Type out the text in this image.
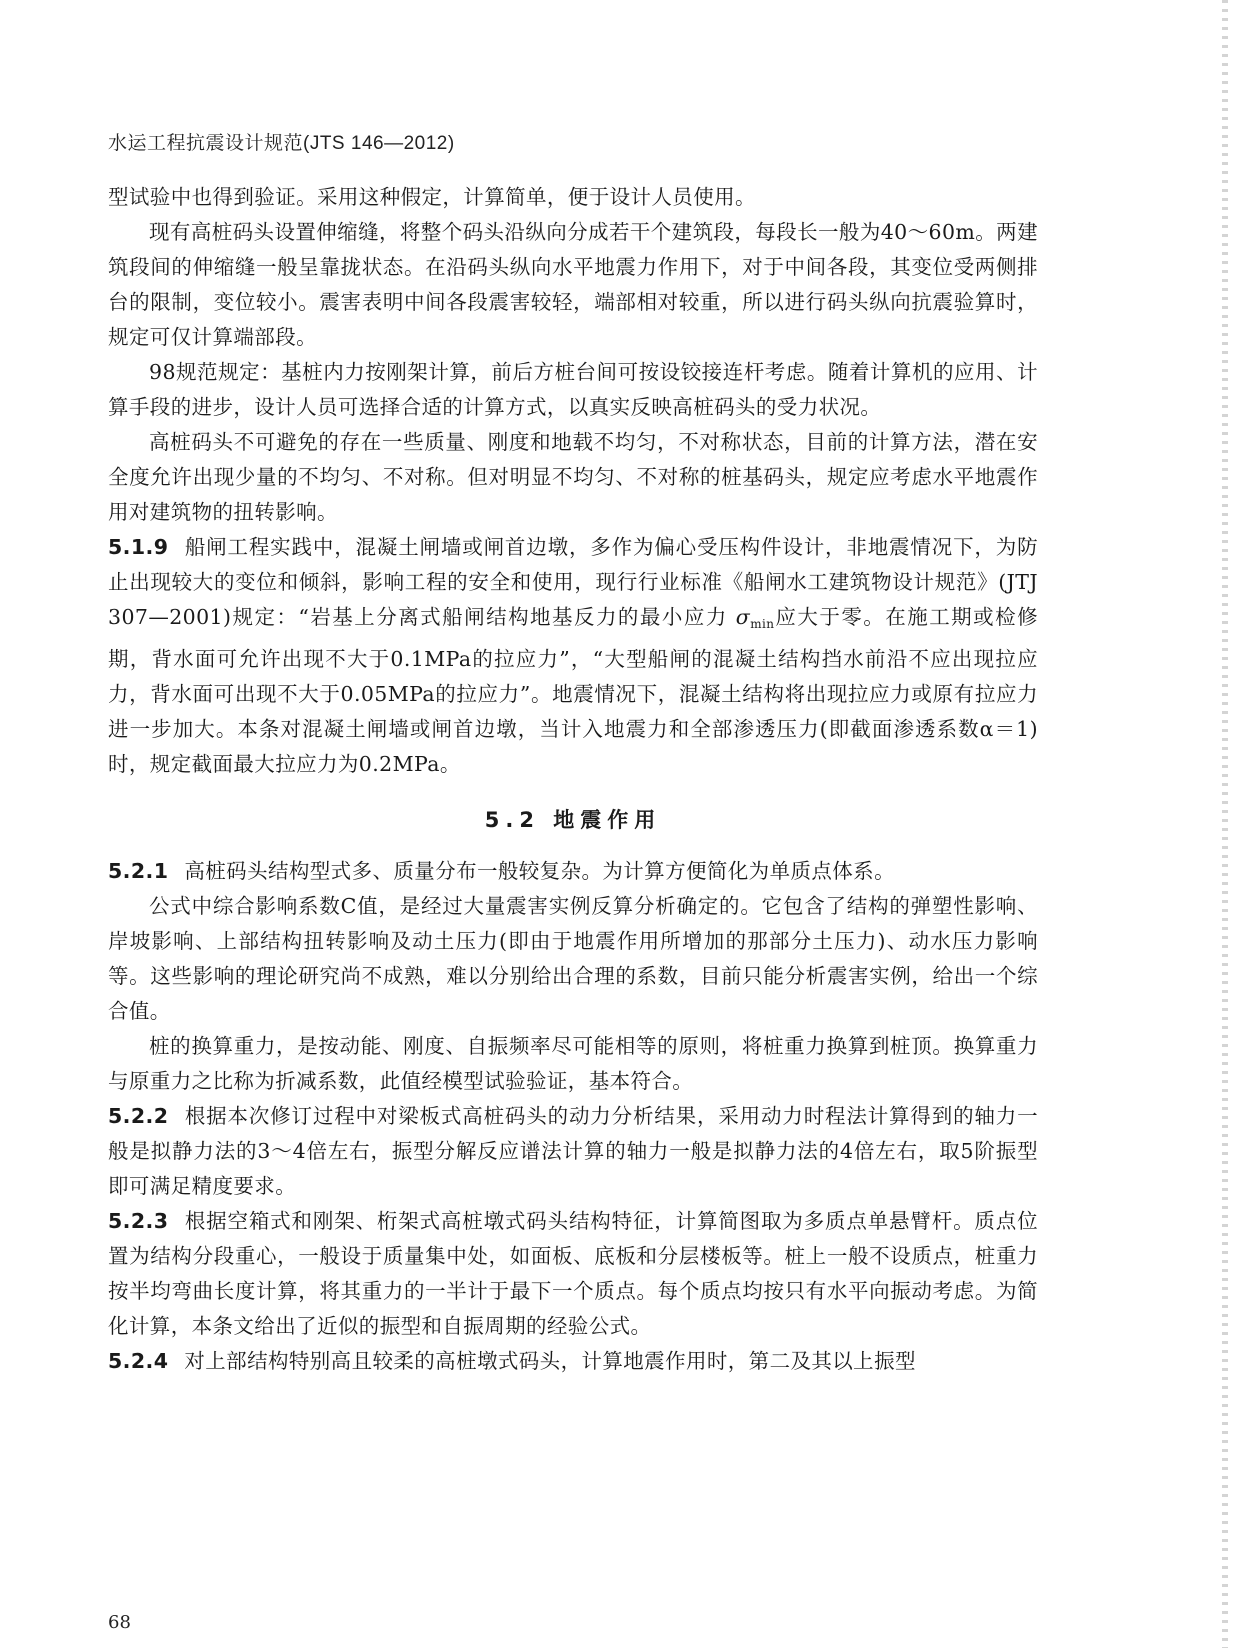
水运工程抗震设计规范(JTS 146—2012)

型试验中也得到验证。采用这种假定，计算简单，便于设计人员使用。

现有高桩码头设置伸缩缝，将整个码头沿纵向分成若干个建筑段，每段长一般为40～60m。两建筑段间的伸缩缝一般呈靠拢状态。在沿码头纵向水平地震力作用下，对于中间各段，其变位受两侧排台的限制，变位较小。震害表明中间各段震害较轻，端部相对较重，所以进行码头纵向抗震验算时，规定可仅计算端部段。

98规范规定：基桩内力按刚架计算，前后方桩台间可按设铰接连杆考虑。随着计算机的应用、计算手段的进步，设计人员可选择合适的计算方式，以真实反映高桩码头的受力状况。

高桩码头不可避免的存在一些质量、刚度和地载不均匀，不对称状态，目前的计算方法，潜在安全度允许出现少量的不均匀、不对称。但对明显不均匀、不对称的桩基码头，规定应考虑水平地震作用对建筑物的扭转影响。

5.1.9 船闸工程实践中，混凝土闸墙或闸首边墩，多作为偏心受压构件设计，非地震情况下，为防止出现较大的变位和倾斜，影响工程的安全和使用，现行行业标准《船闸水工建筑物设计规范》(JTJ 307—2001)规定：“岩基上分离式船闸结构地基反力的最小应力 $\sigma_{min}$应大于零。在施工期或检修期，背水面可允许出现不大于0.1MPa的拉应力”，“大型船闸的混凝土结构挡水前沿不应出现拉应力，背水面可出现不大于0.05MPa的拉应力”。地震情况下，混凝土结构将出现拉应力或原有拉应力进一步加大。本条对混凝土闸墙或闸首边墩，当计入地震力和全部渗透压力(即截面渗透系数α＝1)时，规定截面最大拉应力为0.2MPa。

5.2 地震作用

5.2.1 高桩码头结构型式多、质量分布一般较复杂。为计算方便简化为单质点体系。

公式中综合影响系数C值，是经过大量震害实例反算分析确定的。它包含了结构的弹塑性影响、岸坡影响、上部结构扭转影响及动土压力(即由于地震作用所增加的那部分土压力)、动水压力影响等。这些影响的理论研究尚不成熟，难以分别给出合理的系数，目前只能分析震害实例，给出一个综合值。

桩的换算重力，是按动能、刚度、自振频率尽可能相等的原则，将桩重力换算到桩顶。换算重力与原重力之比称为折减系数，此值经模型试验验证，基本符合。

5.2.2 根据本次修订过程中对梁板式高桩码头的动力分析结果，采用动力时程法计算得到的轴力一般是拟静力法的3～4倍左右，振型分解反应谱法计算的轴力一般是拟静力法的4倍左右，取5阶振型即可满足精度要求。

5.2.3 根据空箱式和刚架、桁架式高桩墩式码头结构特征，计算简图取为多质点单悬臂杆。质点位置为结构分段重心，一般设于质量集中处，如面板、底板和分层楼板等。桩上一般不设质点，桩重力按半均弯曲长度计算，将其重力的一半计于最下一个质点。每个质点均按只有水平向振动考虑。为简化计算，本条文给出了近似的振型和自振周期的经验公式。

5.2.4 对上部结构特别高且较柔的高桩墩式码头，计算地震作用时，第二及其以上振型

68
